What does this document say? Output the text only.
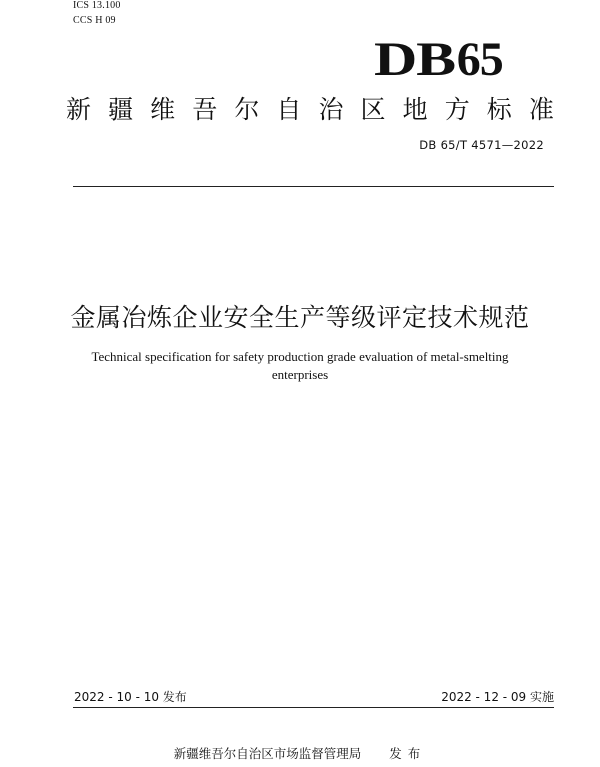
ICS 13.100
CCS H 09
DB65
新 疆 维 吾 尔 自 治 区 地 方 标 准
DB 65/T 4571—2022
金属冶炼企业安全生产等级评定技术规范
Technical specification for safety production grade evaluation of metal-smelting
enterprises
2022 - 10 - 10 发布	2022 - 12 - 09 实施
新疆维吾尔自治区市场监督管理局 发布
